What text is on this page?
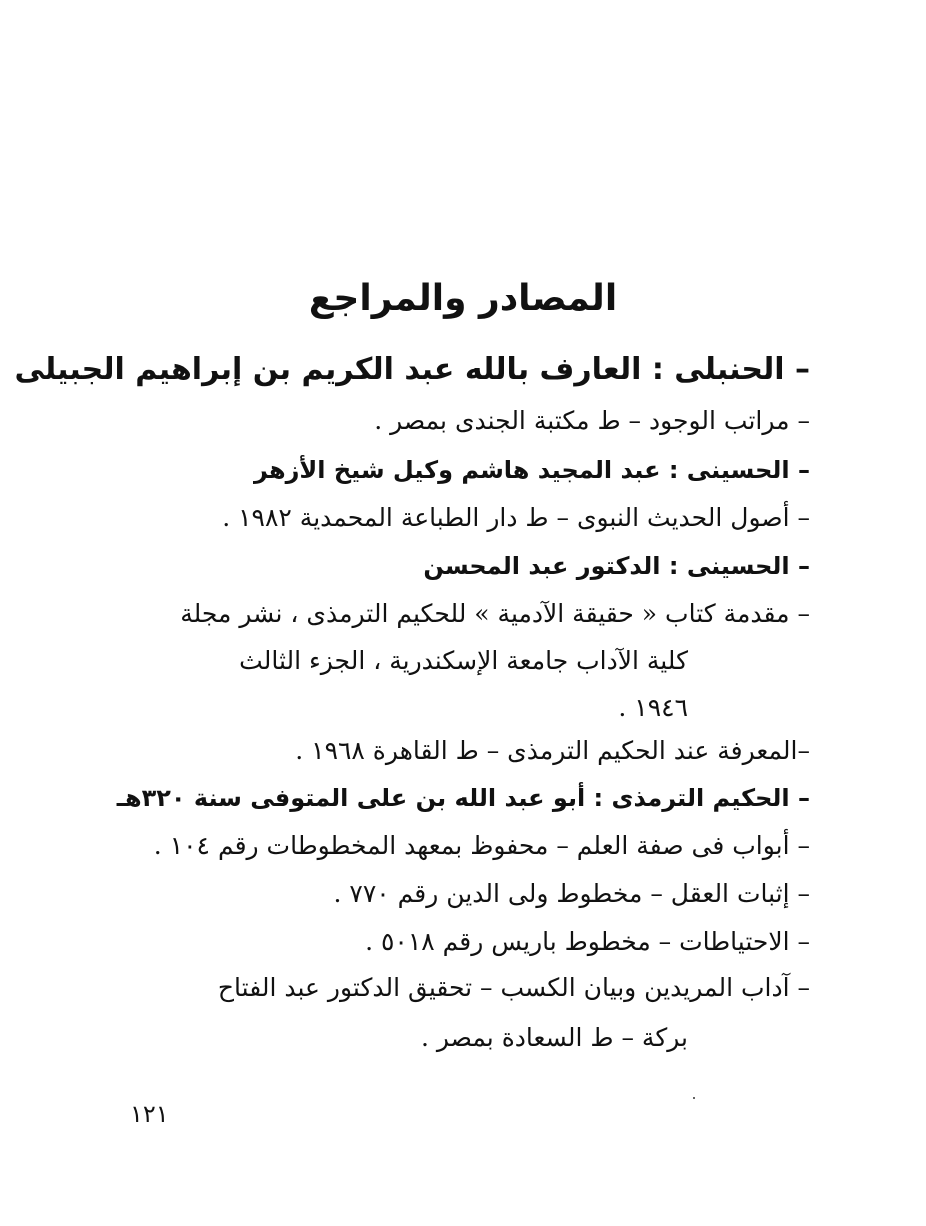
المصادر والمراجع
– الحنبلى : العارف بالله عبد الكريم بن إبراهيم الجبيلى
– مراتب الوجود – ط مكتبة الجندى بمصر .
– الحسينى : عبد المجيد هاشم وكيل شيخ الأزهر
– أصول الحديث النبوى – ط دار الطباعة المحمدية ١٩٨٢ .
– الحسينى : الدكتور عبد المحسن
– مقدمة كتاب « حقيقة الآدمية » للحكيم الترمذى ، نشر مجلة
كلية الآداب جامعة الإسكندرية ، الجزء الثالث
١٩٤٦ .
–المعرفة عند الحكيم الترمذى – ط القاهرة ١٩٦٨ .
– الحكيم الترمذى : أبو عبد الله بن على المتوفى سنة ٣٢٠هـ
– أبواب فى صفة العلم – محفوظ بمعهد المخطوطات رقم ١٠٤ .
– إثبات العقل – مخطوط ولى الدين رقم ٧٧٠ .
– الاحتياطات – مخطوط باريس رقم ٥٠١٨ .
– آداب المريدين وبيان الكسب – تحقيق الدكتور عبد الفتاح
بركة – ط السعادة بمصر .
١٢١
